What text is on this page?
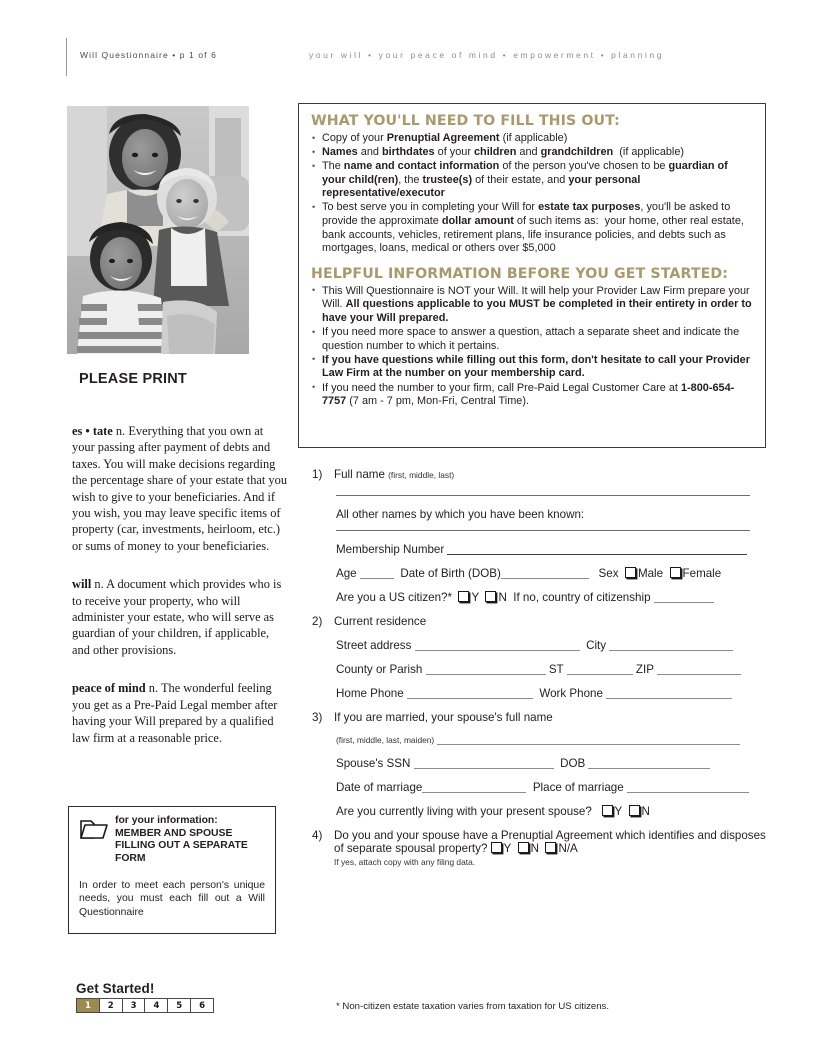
Will Questionnaire • p 1 of 6	your will • your peace of mind • empowerment • planning
PLEASE PRINT

es • tate n. Everything that you own at your passing after payment of debts and taxes. You will make decisions regarding the percentage share of your estate that you wish to give to your beneficiaries. And if you wish, you may leave specific items of property (car, investments, heirloom, etc.) or sums of money to your beneficiaries.

will n. A document which provides who is to receive your property, who will administer your estate, who will serve as guardian of your children, if applicable, and other provisions.

peace of mind n. The wonderful feeling you get as a Pre-Paid Legal member after having your Will prepared by a qualified law firm at a reasonable price.

for your information:
MEMBER AND SPOUSE
FILLING OUT A SEPARATE
FORM
In order to meet each person's unique needs, you must each fill out a Will Questionnaire
Get Started!
1	2	3	4	5	6
WHAT YOU'LL NEED TO FILL THIS OUT:
• Copy of your Prenuptial Agreement (if applicable)
• Names and birthdates of your children and grandchildren  (if applicable)
• The name and contact information of the person you've chosen to be guardian of your child(ren), the trustee(s) of their estate, and your personal representative/executor
• To best serve you in completing your Will for estate tax purposes, you'll be asked to provide the approximate dollar amount of such items as:  your home, other real estate, bank accounts, vehicles, retirement plans, life insurance policies, and debts such as mortgages, loans, medical or others over $5,000
HELPFUL INFORMATION BEFORE YOU GET STARTED:
• This Will Questionnaire is NOT your Will. It will help your Provider Law Firm prepare your Will. All questions applicable to you MUST be completed in their entirety in order to have your Will prepared.
• If you need more space to answer a question, attach a separate sheet and indicate the question number to which it pertains.
• If you have questions while filling out this form, don't hesitate to call your Provider Law Firm at the number on your membership card.
• If you need the number to your firm, call Pre-Paid Legal Customer Care at 1-800-654-7757 (7 am - 7 pm, Mon-Fri, Central Time).
1)	Full name (first, middle, last)
All other names by which you have been known:
Membership Number
Age	Date of Birth (DOB)	Sex Male Female
Are you a US citizen?* Y N If no, country of citizenship
2)	Current residence
Street address	City
County or Parish	ST	ZIP
Home Phone	Work Phone
3)	If you are married, your spouse's full name
(first, middle, last, maiden)
Spouse's SSN	DOB
Date of marriage	Place of marriage
Are you currently living with your present spouse? Y N
4)	Do you and your spouse have a Prenuptial Agreement which identifies and disposes of separate spousal property? Y N N/A
If yes, attach copy with any filing data.
* Non-citizen estate taxation varies from taxation for US citizens.
